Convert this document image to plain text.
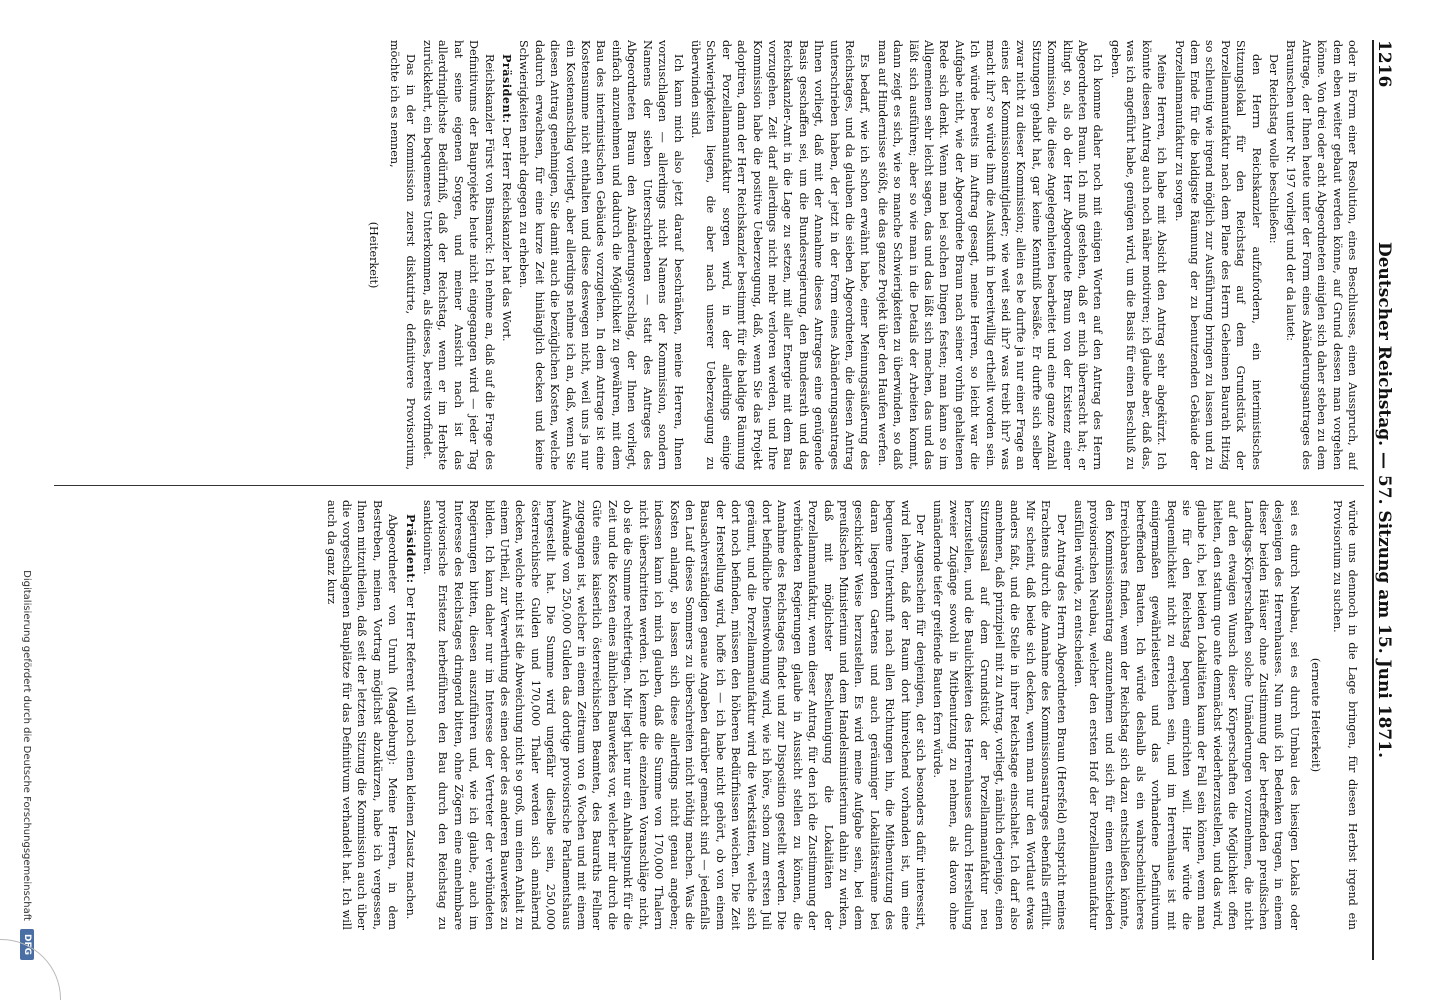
1216
Deutscher Reichstag. — 57. Sitzung am 15. Juni 1871.

oder in Form einer Resolution, eines Beschlusses, einen Ausspruch, auf dem eben weiter gebaut werden könne, auf Grund dessen man vorgehen könne. Von drei oder acht Abgeordneten einiglen sich daher steben zu dem Antrage, der Ihnen heute unter der Form eines Abänderungsantrages des Braunschen unter Nr. 197 vorliegt und der da lautet:

Der Reichstag wolle beschließen:

den Herrn Reichskanzler aufzufordern, ein interimistisches Sitzungslokal für den Reichstag auf dem Grundstück der Porzellanmanufaktur nach dem Plane des Herrn Geheimen Baurath Hitzig so schleunig wie irgend möglich zur Ausführung bringen zu lassen und zu dem Ende für die baldigste Räumung der zu benutzenden Gebäude der Porzellanmanufaktur zu sorgen.

Meine Herren, ich habe mit Absicht den Antrag sehr abgekürzt. Ich könnte diesen Antrag auch noch näher motiviren; ich glaube aber, daß das, was ich angeführt habe, genügen wird, um die Basis für einen Beschluß zu geben.

Ich komme daher noch mit einigen Worten auf den Antrag des Herrn Abgeordneten Braun. Ich muß gestehen, daß er mich überrascht hat; er klingt so, als ob der Herr Abgeordnete Braun von der Existenz einer Kommission, die diese Angelegenheiten bearbeitet und eine ganze Anzahl Sitzungen gehabt hat, gar keine Kenntniß besäße. Er durfte sich selber zwar nicht zu dieser Kommission; allein es be durfte ja nur einer Frage an eines der Kommissionsmitglieder; wie weit seid ihr? was treibt ihr? was macht ihr? so würde ihm die Auskunft in bereitwillig ertheilt worden sein. Ich würde bereits im Auftrag gesagt, meine Herren, so leicht war die Aufgabe nicht, wie der Abgeordnete Braun nach seiner vorhin gehaltenen Rede sich denkt. Wenn man bei solchen Dingen festen; man kann so im Allgemeinen sehr leicht sagen, das und das läßt sich machen, das und das läßt sich ausführen; aber so wie man in die Details der Arbeiten kommt, dann zeigt es sich, wie so manche Schwierigkeiten zu überwinden, so daß man auf Hindernisse stößt, die das ganze Projekt über den Haufen werfen.

Es bedarf, wie ich schon erwähnt habe, einer Meinungsäußerung des Reichstages, und da glauben die sieben Abgeordneten, die diesen Antrag unterschrieben haben, der jetzt in der Form eines Abänderungsantrages Ihnen vorliegt, daß mit der Annahme dieses Antrages eine genügende Basis geschaffen sei, um die Bundesregierung, den Bundesrath und das Reichskanzler-Amt in die Lage zu setzen, mit aller Energie mit dem Bau vorzugehen. Zeit darf allerdings nicht mehr verloren werden, und Ihre Kommission habe die positive Ueberzeugung, daß, wenn Sie das Projekt adoptiren, dann der Herr Reichskanzler bestimmt für die baldige Räumung der Porzellanmanufaktur sorgen wird, in der allerdings einige Schwierigkeiten liegen, die aber nach unserer Ueberzeugung zu überwinden sind.

Ich kann mich also jetzt darauf beschränken, meine Herren, Ihnen vorzuschlagen — allerdings nicht Namens der Kommission, sondern Namens der sieben Unterschriebenen — statt des Antrages des Abgeordneten Braun den Abänderungsvorschlag, der Ihnen vorliegt, einfach anzunehmen und dadurch die Möglichkeit zu gewähren, mit dem Bau des interimistischen Gebäudes vorzugehen. In dem Antrage ist eine Kostensumme nicht enthalten und diese deswegen nicht, weil uns ja nur ein Kostenanschlag vorliegt, aber allerdings nehme ich an, daß, wenn Sie diesen Antrag genehmigen, Sie damit auch die bezüglichen Kosten, welche dadurch erwachsen, für eine kurze Zeit hinlänglich decken und keine Schwierigkeiten mehr dagegen zu erheben.

Präsident: Der Herr Reichskanzler hat das Wort.

Reichskanzler Fürst von Bismarck: Ich nehme an, daß auf die Frage des Definitivums der Bauprojekte heute nicht eingegangen wird — jeder Tag hat seine eigenen Sorgen, und meiner Ansicht nach ist das allerdringlichste Bedürfniß, daß der Reichstag, wenn er im Herbste zurückkehrt, ein bequemeres Unterkommen, als dieses, bereits vorfindet.

Das in der Kommission zuerst diskutirte, definitivere Provisorium, möchte ich es nennen,

(Heiterkeit)

würde uns dennoch in die Lage bringen, für diesen Herbst irgend ein Provisorium zu suchen.

(erneute Heiterkeit)

sei es durch Neubau, sei es durch Umbau des hiesigen Lokals oder desjenigen des Herrenhauses. Nun muß ich Bedenken tragen, in einem dieser beiden Häuser ohne Zustimmung der betreffenden preußischen Landtags-Körperschaften solche Umänderungen vorzunehmen, die nicht auf den etwaigen Wunsch dieser Körperschaften die Möglichkeit offen hielten, den statum quo ante demnächst wiederherzustellen, und das wird, glaube ich, bei beiden Lokalitäten kaum der Fall sein können, wenn man sie für den Reichstag bequem einrichten will. Hier würde die Bequemlichkeit nicht zu erreichen sein, und im Herrenhause ist mit einigermaßen gewährleisteten und das vorhandene Definitivum betreffenden Bauten. Ich würde deshalb als ein wahrscheinlicheres Erreichbares finden, wenn der Reichstag sich dazu entschließen könnte, den Kommissionsantrag anzunehmen und sich für einen entschieden provisorischen Neubau, welcher den ersten Hof der Porzellanmanufaktur ausfüllen würde, zu entscheiden.

Der Antrag des Herrn Abgeordneten Braun (Hersfeld) entspricht meines Erachtens durch die Annahme des Kommissionsantrages ebenfalls erfüllt. Mir scheint, daß beide sich decken, wenn man nur den Wortlaut etwas anders faßt, und die Stelle in ihrer Reichstage einschaltet. Ich darf also annehmen, daß prinzipiell mit zu Antrag, vorliegt, nämlich derjenige, einen Sitzungssaal auf dem Grundstück der Porzellanmanufaktur neu herzustellen, und die Baulichkeiten des Herrenhauses durch Herstellung zweier Zugänge sowohl in Mitbenutzung zu nehmen, als davon ohne umändernde tiefer greifende Bauten fern würde.

Der Augenschein für denjenigen, der sich besonders dafür interessirt, wird lehren, daß der Raum dort hinreichend vorhanden ist, um eine bequeme Unterkunft nach allen Richtungen hin, die Mitbenutzung des daran liegenden Gartens und auch geräumiger Lokalitätsräume bei geschickter Weise herzustellen. Es wird meine Aufgabe sein, bei dem preußischen Ministerium und dem Handelsministerium dahin zu wirken, daß mit möglichster Beschleunigung die Lokalitäten der Porzellanmanufaktur, wenn dieser Antrag, für den ich die Zustimmung der verbündeten Regierungen glaube in Aussicht stellen zu können, die Annahme des Reichstages findet und zur Disposition gestellt werden. Die dort befindliche Dienstwohnung wird, wie ich höre, schon zum ersten Juli geräumt, und die Porzellanmanufaktur wird die Werkstätten, welche sich dort noch befinden, müssen den höheren Bedürfnissen weichen. Die Zeit der Herstellung wird, hoffe ich — ich habe nicht gehört, ob von einem Bausachverständigen genaue Angaben darüber gemacht sind — jedenfalls den Lauf dieses Sommers zu überschreiten nicht nöthig machen. Was die Kosten anlangt, so lassen sich diese allerdings nicht genau angeben; indessen kann ich mich glauben, daß die Summe von 170,000 Thalern nicht überschritten werden. Ich kenne die einzelnen Voranschläge nicht, ob sie die Summe rechtfertigen. Mir liegt hier nur ein Anhaltspunkt für die Zeit und die Kosten eines ähnlichen Bauwerkes vor, welcher mir durch die Güte eines kaiserlich österreichischen Beamten, des Bauraths Fellner zugegangen ist, welcher in einem Zeitraum von 6 Wochen und mit einem Aufwande von 250,000 Gulden das dortige provisorische Parlamentshaus hergestellt hat. Die Summe wird ungefähr dieselbe sein, 250,000 österreichische Gulden und 170,000 Thaler werden sich annähernd decken, welche nicht ist die Abweichung nicht so groß, um einen Anhalt zu einem Urtheil, zur Verwerthung des einen oder des anderen Bauwerkes zu bilden. Ich kann daher nur im Interesse der Vertreter der verbündeten Regierungen bitten, diesen auszuführen und, wie ich glaube, auch im Interesse des Reichstages dringend bitten, ohne Zögern eine annehmbare provisorische Eristenz herbeiführen den Bau durch den Reichstag zu sanktioniren.

Präsident: Der Herr Referent will noch einen kleinen Zusatz machen.

Abgeordneter von Unruh (Magdeburg): Meine Herren, in dem Bestreben, meinen Vortrag möglichst abzukürzen, habe ich vergessen, Ihnen mitzutheilen, daß seit der letzten Sitzung die Kommission auch über die vorgeschlagenen Bauplätze für das Definitivum verhandelt hat. Ich will auch da ganz kurz

Digitalisierung gefördert durch die Deutsche Forschungsgemeinschaft
DFG
